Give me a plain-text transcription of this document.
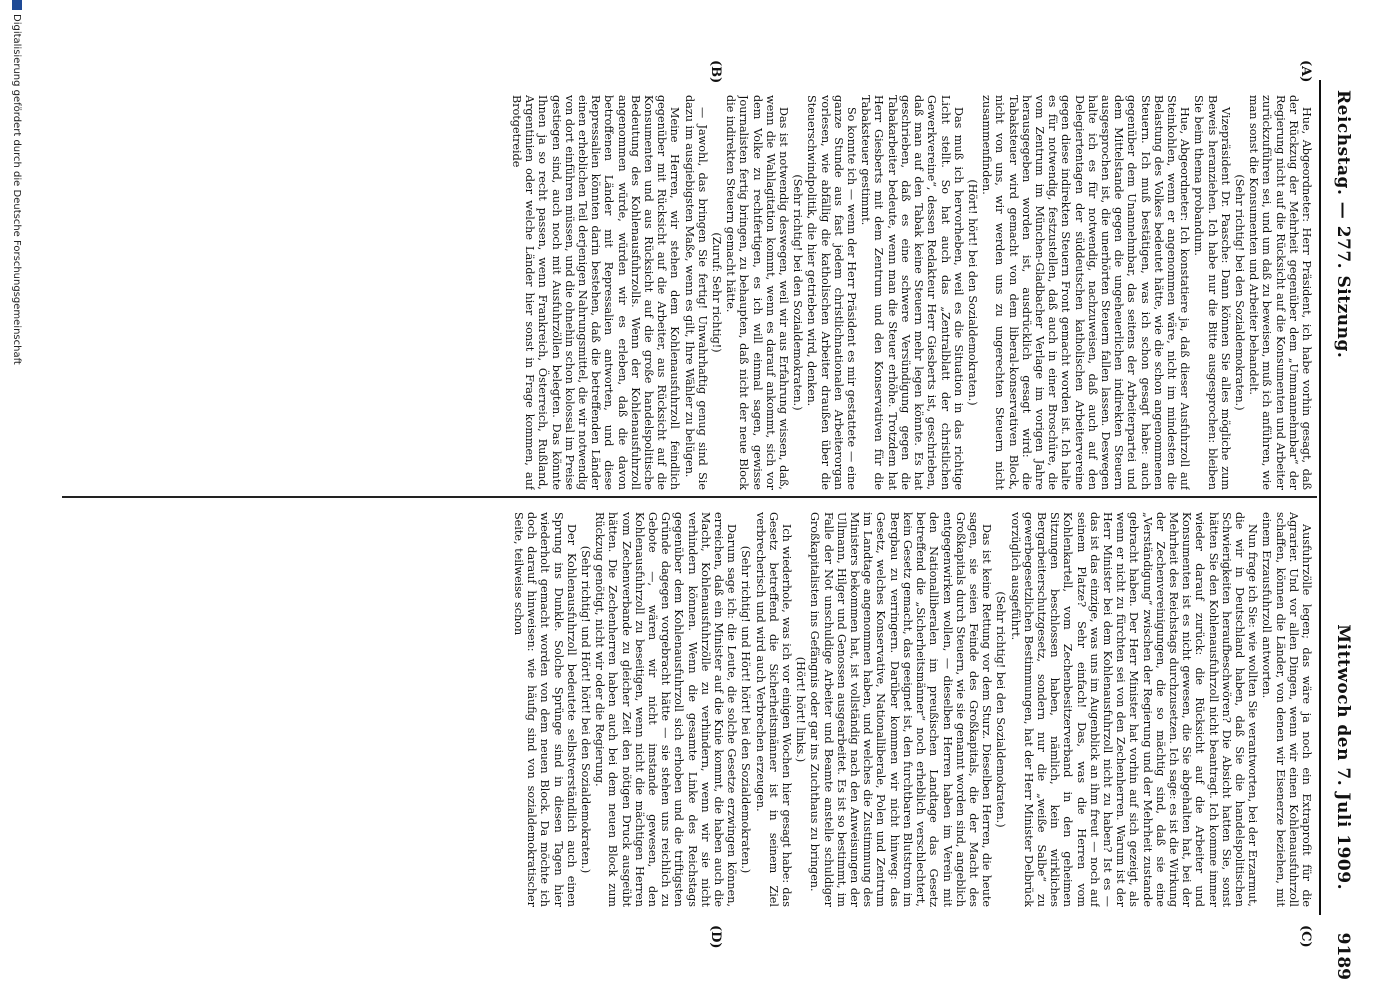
Reichstag. — 277. Sitzung.
Mittwoch den 7. Juli 1909.
9189
(A)
(B)
(C)
(D)

Hue, Abgeordneter: Herr Präsident, ich habe vorhin gesagt, daß der Rückzug der Mehrheit gegenüber dem „Ummannehmbar“ der Regierung nicht auf die Rücksicht auf die Konsumenten und Arbeiter zurückzuführen sei, und um daß zu beweisen, muß ich anführen, wie man sonst die Konsumenten und Arbeiter behandelt.

(Sehr richtig! bei den Sozialdemokraten.)

Vizepräsident Dr. Paasche: Dann können Sie alles mögliche zum Beweis heranziehen. Ich habe nur die Bitte ausgesprochen: bleiben Sie beim thema probandum.

Hue, Abgeordneter: Ich konstatiere ja, daß dieser Ausfuhrzoll auf Steinkohlen, wenn er angenommen wäre, nicht im mindesten die Belastung des Volkes bedeutet hätte, wie die schon angenommenen Steuern. Ich muß bestätigen, was ich schon gesagt habe: auch gegenüber dem Unannehmbar, das seitens der Arbeiterpartei und dem Mittelstande gegen die ungeheuerlichen indirekten Steuern ausgesprochen ist, die unerhörten Steuern fallen lassen. Deswegen halte ich es für notwendig, nachzuweisen, daß auch auf den Delegiertentagen der süddeutschen katholischen Arbeitervereine gegen diese indirekten Steuern Front gemacht worden ist. Ich halte es für notwendig, festzustellen, daß auch in einer Broschüre, die vom Zentrum im München-Gladbacher Verlage im vorigen Jahre herausgegeben worden ist, ausdrücklich gesagt wird: die Tabaksteuer wird gemacht von dem liberal-konservativen Block, nicht von uns, wir werden uns zu ungerechten Steuern nicht zusammenfinden.

(Hört! hört! bei den Sozialdemokraten.)

Das muß ich hervorheben, weil es die Situation in das richtige Licht stellt. So hat auch das „Zentralblatt der christlichen Gewerkvereine“, dessen Redakteur Herr Giesberts ist, geschrieben, daß man auf den Tabak keine Steuern mehr legen könnte. Es hat geschrieben, daß es eine schwere Versündigung gegen die Tabakarbeiter bedeute, wenn man die Steuer erhöhe. Trotzdem hat Herr Giesberts mit dem Zentrum und den Konservativen für die Tabaksteuer gestimmt.

So konnte ich — wenn der Herr Präsident es mir gestattete — eine ganze Stunde aus fast jedem christlichnationalen Arbeiterorgan vorlesen, wie abfällig die katholischen Arbeiter draußen über die Steuerschwindpolitik, die hier getrieben wird, denken.

(Sehr richtig! bei den Sozialdemokraten.)

Das ist notwendig deswegen, weil wir aus Erfahrung wissen, daß, wenn die Wahlagitation kommt, wenn es darauf ankommt, sich vor dem Volke zu rechtfertigen, es ich will einmal sagen, gewisse Journalisten fertig bringen, zu behaupten, daß nicht der neue Block die indirekten Steuern gemacht hätte.

(Zuruf: Sehr richtig!)

— Jawohl, das bringen Sie fertig! Unwahrhaftig genug sind Sie dazu im ausgiebigsten Maße, wenn es gilt, Ihre Wähler zu belügen.

Meine Herren, wir stehen dem Kohlenausfuhrzoll feindlich gegenüber mit Rücksicht auf die Arbeiter, aus Rücksicht auf die Konsumenten und aus Rücksicht auf die große handelspolitische Bedeutung des Kohlenausfuhrzolls. Wenn der Kohlenausfuhrzoll angenommen würde, würden wir es erleben, daß die davon betroffenen Länder mit Repressalien antworten, und diese Repressalien könnten darin bestehen, daß die betreffenden Länder einen erheblichen Teil derjenigen Nahrungsmittel, die wir notwendig von dort einführen müssen, und die ohnehin schon kolossal im Preise gestiegen sind, auch noch mit Ausfuhrzöllen belegten. Das könnte Ihnen ja so recht passen, wenn Frankreich, Österreich, Rußland, Argentinien oder welche Länder hier sonst in Frage kommen, auf Brotgetreide

Ausfuhrzölle legen; das wäre ja noch ein Extraprofit für die Agrarier. Und vor allen Dingen, wenn wir einen Kohlenausfuhrzoll schaffen, können die Länder, von denen wir Eisenerze beziehen, mit einem Erzausfuhrzoll antworten.

Nun frage ich Sie: wie wollten Sie verantworten, bei der Erzarmut, die wir in Deutschland haben, daß Sie die handelspolitischen Schwierigkeiten heraufbeschwören? Die Absicht hatten Sie, sonst hätten Sie den Kohlenausfuhrzoll nicht beantragt. Ich komme immer wieder darauf zurück: die Rücksicht auf die Arbeiter und Konsumenten ist es nicht gewesen, die Sie abgehalten hat, bei der Mehrheit des Reichstags durchzusetzen. Ich sage: es ist die Wirkung der Zechenvereinigungen, die so mächtig sind, daß sie eine „Verständigung“ zwischen der Regierung und der Mehrheit zustande gebracht haben. Der Herr Minister hat vorhin auf sich gezeigt, als wenn er nicht zu fürchten sei von den Zechenherren. Warum ist der Herr Minister bei dem Kohlenausfuhrzoll nicht zu haben? Ist es — das ist das einzige, was uns im Augenblick an ihm freut — noch auf seinem Platze? Sehr einfach! Das, was die Herren vom Kohlenkartell, vom Zechenbesitzerverband in den geheimen Sitzungen beschlossen haben, nämlich, kein wirkliches Bergarbeiterschutzgesetz, sondern nur die „weiße Salbe“ zu gewerbegesetzlichen Bestimmungen, hat der Herr Minister Delbrück vorzüglich ausgeführt.

(Sehr richtig! bei den Sozialdemokraten.)

Das ist keine Rettung vor dem Sturz. Dieselben Herren, die heute sagen, sie seien Feinde des Großkapitals, die der Macht des Großkapitals durch Steuern, wie sie genannt worden sind, angeblich entgegenwirken wollen, — dieselben Herren haben im Verein mit den Nationalliberalen im preußischen Landtage das Gesetz betreffend die „Sicherheitsmänner“ noch erheblich verschlechtert, kein Gesetz gemacht, das geeignet ist, den furchtbaren Blutstrom im Bergbau zu verringern. Darüber kommen wir nicht hinweg: das Gesetz, welches Konservative, Nationalliberale, Polen und Zentrum im Landtage angenommen haben, und welches die Zustimmung des Ministers bekommen hat, ist vollständig nach den Anweisungen der Ullmann, Hilger und Genossen ausgearbeitet. Es ist so bestimmt, im Falle der Not unschuldige Arbeiter und Beamte anstelle schuldiger Großkapitalisten ins Gefängnis oder gar ins Zuchthaus zu bringen.

(Hört! hört! links.)

Ich wiederhole, was ich vor einigen Wochen hier gesagt habe: das Gesetz betreffend die Sicherheitsmänner ist in seinem Ziel verbrecherisch und wird auch Verbrechen erzeugen.

(Sehr richtig! und Hört! hört! bei den Sozialdemokraten.)

Darum sage ich: die Leute, die solche Gesetze erzwingen können, erreichen, daß ein Minister auf die Knie kommt, die haben auch die Macht, Kohlenausfuhrzölle zu verhindern, wenn wir sie nicht verhindern können. Wenn die gesamte Linke des Reichstags gegenüber dem Kohlenausfuhrzoll sich erhoben und die triftigsten Gründe dagegen vorgebracht hätte — sie stehen uns reichlich zu Gebote —, wären wir nicht imstande gewesen, den Kohlenausfuhrzoll zu beseitigen, wenn nicht die mächtigen Herren vom Zechenverbande zu gleicher Zeit den nötigen Druck ausgeübt hätten. Die Zechenherren haben auch bei dem neuen Block zum Rückzug genötigt, nicht wir oder die Regierung.

(Sehr richtig! und Hört! hört! bei den Sozialdemokraten.)

Der Kohlenausfuhrzoll bedeutete selbstverständlich auch einen Sprung ins Dunkle. Solche Sprünge sind in diesen Tagen hier wiederholt gemacht worden von dem neuen Block. Da möchte ich doch darauf hinweisen: wie häufig sind von sozialdemokratischer Seite, teilweise schon

Digitalisierung gefördert durch die Deutsche Forschungsgemeinschaft
